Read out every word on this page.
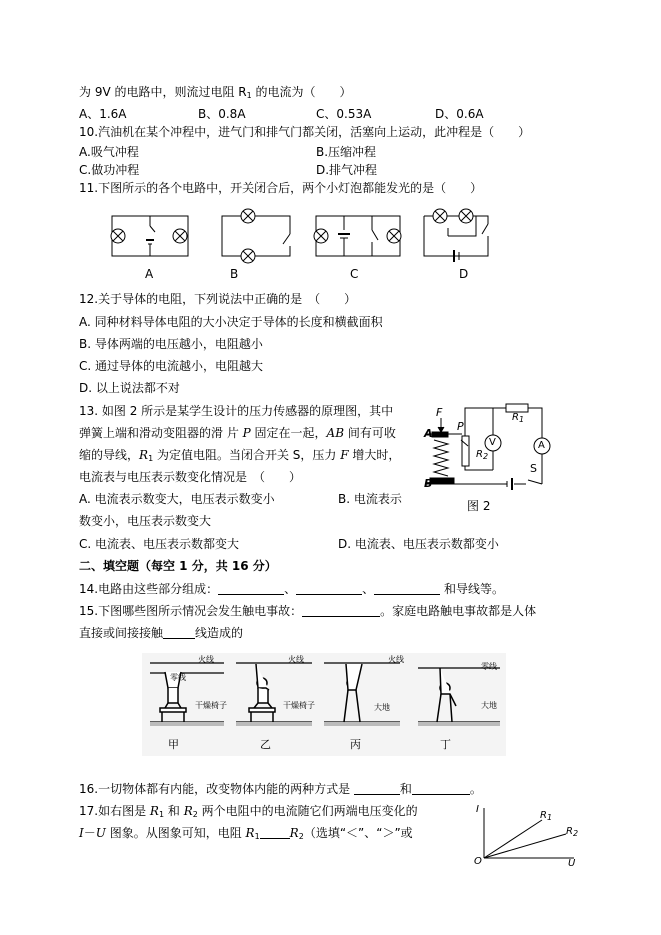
为 9V 的电路中，则流过电阻 $R_1$ 的电流为（　　）
A、1.6A	B、0.8A	C、0.53A	D、0.6A
10.汽油机在某个冲程中，进气门和排气门都关闭，活塞向上运动，此冲程是（　　）
A.吸气冲程	B.压缩冲程
C.做功冲程	D.排气冲程
11.下图所示的各个电路中，开关闭合后，两个小灯泡都能发光的是（　　）
A	B	C	D
12.关于导体的电阻，下列说法中正确的是　（　　）
A. 同种材料导体电阻的大小决定于导体的长度和横截面积
B. 导体两端的电压越小，电阻越小
C. 通过导体的电流越小，电阻越大
D. 以上说法都不对
13. 如图 2 所示是某学生设计的压力传感器的原理图，其中
弹簧上端和滑动变阻器的滑 片 P 固定在一起，AB 间有可收
缩的导线，$R_1$ 为定值电阻。当闭合开关 S，压力 F 增大时，
电流表与电压表示数变化情况是　（　　）
A. 电流表示数变大，电压表示数变小	B. 电流表示
数变小，电压表示数变大
C. 电流表、电压表示数都变大	D. 电流表、电压表示数都变小
F
A
P
$R_1$
$R_2$
V	A
S
B
图 2
二、填空题（每空 1 分，共 16 分）
14.电路由这些部分组成：	、	、	和导线等。
15.下图哪些图所示情况会发生触电事故：	。家庭电路触电事故都是人体
直接或间接接触	线造成的
火线
零线
干燥椅子
火线
干燥椅子
火线
大地
零线
大地
甲	乙	丙	丁
16.一切物体都有内能，改变物体内能的两种方式是	和	。
17.如右图是 $R_1$ 和 $R_2$ 两个电阻中的电流随它们两端电压变化的
I－U 图象。从图象可知，电阻 $R_1$	$R_2$（选填“＜”、“＞”或
I
O	U
$R_1$
$R_2$
